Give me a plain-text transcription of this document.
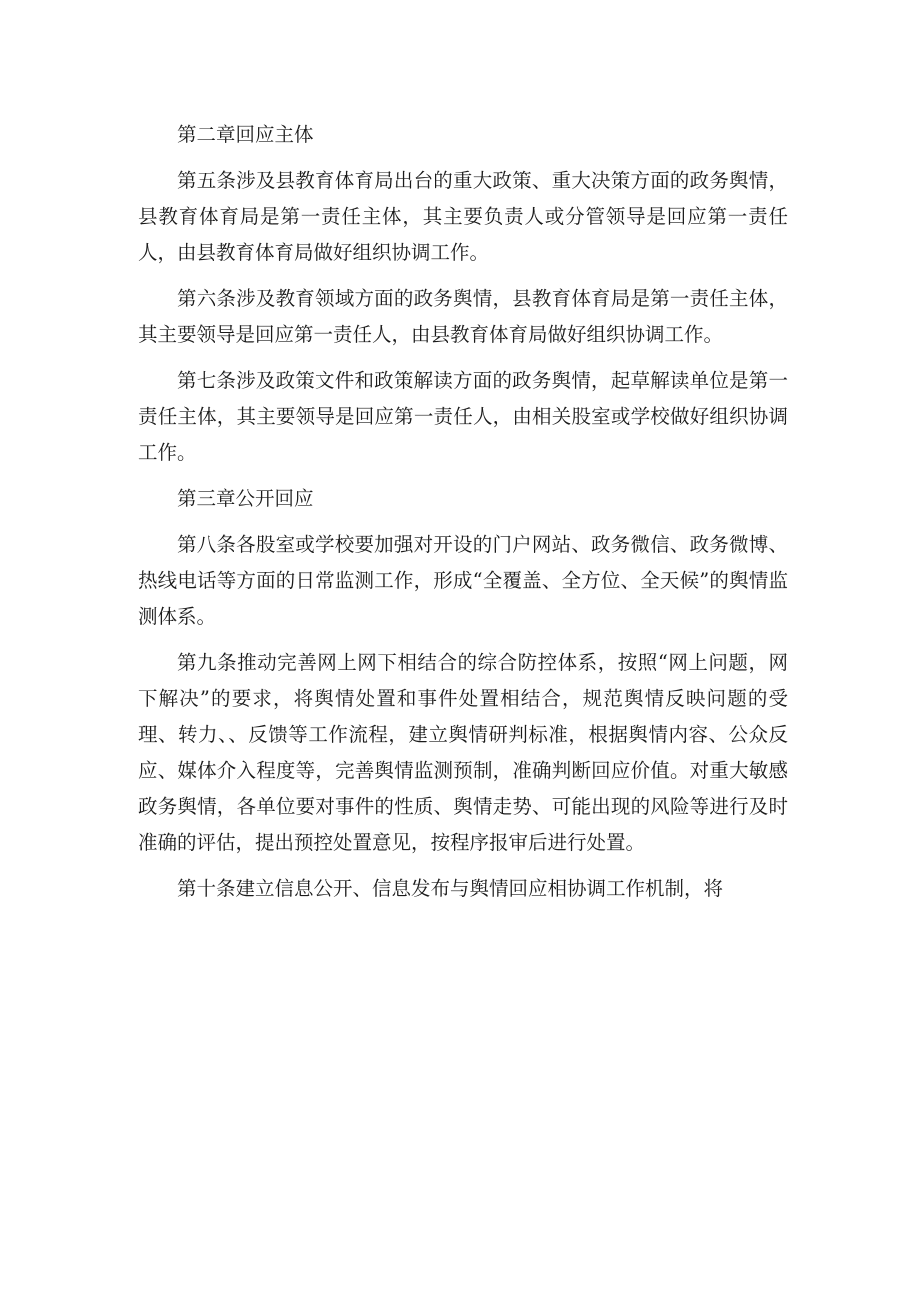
第二章回应主体

第五条涉及县教育体育局出台的重大政策、重大决策方面的政务舆情，县教育体育局是第一责任主体，其主要负责人或分管领导是回应第一责任人，由县教育体育局做好组织协调工作。

第六条涉及教育领域方面的政务舆情，县教育体育局是第一责任主体，其主要领导是回应第一责任人，由县教育体育局做好组织协调工作。

第七条涉及政策文件和政策解读方面的政务舆情，起草解读单位是第一责任主体，其主要领导是回应第一责任人，由相关股室或学校做好组织协调工作。

第三章公开回应

第八条各股室或学校要加强对开设的门户网站、政务微信、政务微博、热线电话等方面的日常监测工作，形成“全覆盖、全方位、全天候”的舆情监测体系。

第九条推动完善网上网下相结合的综合防控体系，按照“网上问题，网下解决”的要求，将舆情处置和事件处置相结合，规范舆情反映问题的受理、转力、、反馈等工作流程，建立舆情研判标准，根据舆情内容、公众反应、媒体介入程度等，完善舆情监测预制，准确判断回应价值。对重大敏感政务舆情，各单位要对事件的性质、舆情走势、可能出现的风险等进行及时准确的评估，提出预控处置意见，按程序报审后进行处置。

第十条建立信息公开、信息发布与舆情回应相协调工作机制，将
